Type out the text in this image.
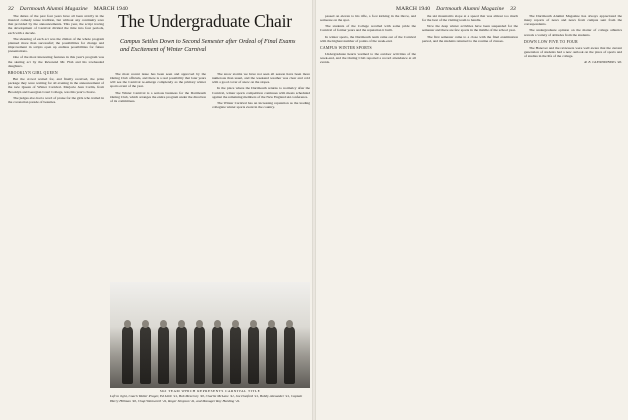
32 Dartmouth Alumni Magazine MARCH 1940
The Undergraduate Chair
Campus Settles Down to Second Semester after Ordeal of Final Exams and Excitement of Winter Carnival

The duties of the past four years have all been strictly in the musical comedy tense tradition, but without any continuity save that provided by the announcements. This year, the script tracing the development of Carnival divided the time into four periods, each with a decade.

The shouting of each act was the climax of the whole program planned more than successful; the possibilities for change and improvement in scripts open up endless possibilities for future presentations.

One of the most interesting features in this year's program was the skating act by the Reverend Mr. Fish and his towheaded daughters.

BROOKLYN GIRL QUEEN

But the crowd waited for, and finally received, the prize package they were waiting for all evening in the announcement of the new Queen of Winter Carnival. Marjorie Jean Carlin, from Brooklyn and Georgian Court College, was this year's choice.

The judges also had a word of praise for the girls who trailed in the coronation parade of beauties.

The most recent issue has been seen and approved by the Outing Club officials, and there is a real possibility that later years will see the Carnival re-emerge completely as the primary winter sports event of the year.

The Winter Carnival is a serious business for the Dartmouth Outing Club, which arranges the entire program under the direction of its committees.

The snow storms we have not seen all season have been more numerous than usual, and the weekend weather was clear and cold with a good cover of snow on the slopes.

In the place where the Dartmouth returns to normalcy after the Carnival, winter sports competition continues with meets scheduled against the remaining members of the New England ski conference.

The Winter Carnival has an increasing reputation as the leading collegiate winter sports event in the country.

SKI TEAM WHICH REPRESENTS CARNIVAL TITLE
Left to right, Coach Walter Prager, Ed Little '41, Bob Meservey '40, Charlie McLane '41, Joe Dunford '41, Bobby Alexander '41, Captain Harry Hillman '40, Chap Wentworth '41, Roger Simpson '41, and Manager Roy Harding '41.
MARCH 1940 Dartmouth Alumni Magazine 33

passed on eleven to his rifle, a foot kicking in the throw, and someone on the spot.

The students of the College recalled with some pride the Carnival of former years and the reputation it built.

In winter sports, the Dartmouth team came out of the Carnival with the highest number of points of the week-end.

CAMPUS WINTER SPORTS

Undergraduate hearts warmed to the outdoor activities of the week-end, and the Outing Club reported a record attendance at all events.

the ski mountain's slope at a speed that was almost too much for the best of the visiting team to handle.

Now the deep winter activities have been suspended for the semester and there are few sports in the middle of the school year.

The first semester came to a close with the final examination period, and the students returned to the routine of classes.

The Dartmouth Alumni Magazine has always appreciated the many reports of news and news from campus sent from the correspondents.

The undergraduate opinion on the matter of college athletics reveals a variety of attitudes from the students.

DOWN LOW FIVE TO FOUR

The Hanover and the reviewers were well aware that the current generation of students had a new outlook on the place of sports and of studies in the life of the college.

R. E. GLENDINNING '40.
